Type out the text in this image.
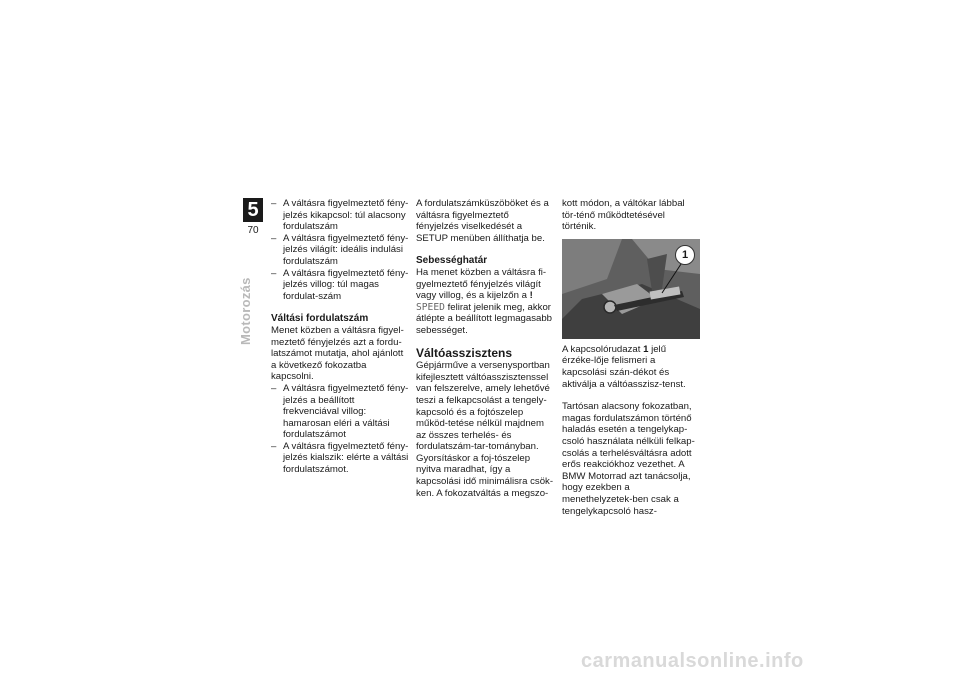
5
70
Motorozás

– A váltásra figyelmeztető fény-jelzés kikapcsol: túl alacsony fordulatszám

– A váltásra figyelmeztető fény-jelzés világít: ideális indulási fordulatszám

– A váltásra figyelmeztető fény-jelzés villog: túl magas fordulat-szám

Váltási fordulatszám

Menet közben a váltásra figyel-meztető fényjelzés azt a fordu-latszámot mutatja, ahol ajánlott a következő fokozatba kapcsolni.

– A váltásra figyelmeztető fény-jelzés a beállított frekvenciával villog: hamarosan eléri a váltási fordulatszámot

– A váltásra figyelmeztető fény-jelzés kialszik: elérte a váltási fordulatszámot.

A fordulatszámküszöböket és a váltásra figyelmeztető fényjelzés viselkedését a SETUP menüben állíthatja be.

Sebességhatár

Ha menet közben a váltásra fi-gyelmeztető fényjelzés világít vagy villog, és a kijelzőn a !
SPEED felirat jelenik meg, akkor átlépte a beállított legmagasabb sebességet.

Váltóasszisztens

Gépjárműve a versenysportban kifejlesztett váltóasszisztenssel van felszerelve, amely lehetővé teszi a felkapcsolást a tengely-kapcsoló és a fojtószelep működ-tetése nélkül majdnem az összes terhelés- és fordulatszám-tar-tományban. Gyorsításkor a foj-tószelep nyitva maradhat, így a kapcsolási idő minimálisra csök-ken. A fokozatváltás a megszo-

kott módon, a váltókar lábbal tör-ténő működtetésével történik.

1

A kapcsolórudazat 1 jelű érzéke-lője felismeri a kapcsolási szán-dékot és aktiválja a váltóasszisz-tenst.

Tartósan alacsony fokozatban, magas fordulatszámon történő haladás esetén a tengelykap-csoló használata nélküli felkap-csolás a terhelésváltásra adott erős reakciókhoz vezethet. A BMW Motorrad azt tanácsolja, hogy ezekben a menethelyzetek-ben csak a tengelykapcsoló hasz-

carmanualsonline.info
